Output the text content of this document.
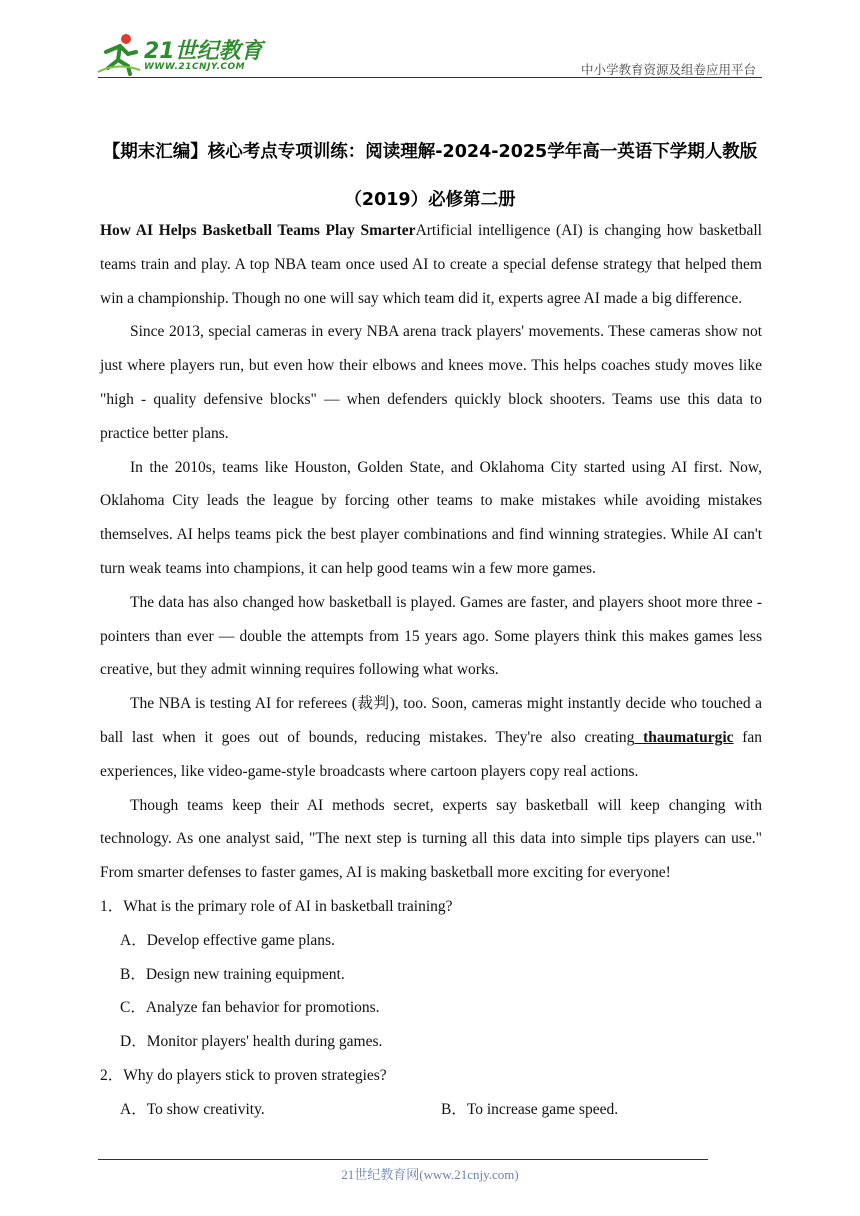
21世纪教育
WWW.21CNJY.COM	中小学教育资源及组卷应用平台
【期末汇编】核心考点专项训练：阅读理解-2024-2025学年高一英语下学期人教版（2019）必修第二册

How AI Helps Basketball Teams Play SmarterArtificial intelligence (AI) is changing how basketball teams train and play. A top NBA team once used AI to create a special defense strategy that helped them win a championship. Though no one will say which team did it, experts agree AI made a big difference.

Since 2013, special cameras in every NBA arena track players' movements. These cameras show not just where players run, but even how their elbows and knees move. This helps coaches study moves like "high - quality defensive blocks" — when defenders quickly block shooters. Teams use this data to practice better plans.

In the 2010s, teams like Houston, Golden State, and Oklahoma City started using AI first. Now, Oklahoma City leads the league by forcing other teams to make mistakes while avoiding mistakes themselves. AI helps teams pick the best player combinations and find winning strategies. While AI can't turn weak teams into champions, it can help good teams win a few more games.

The data has also changed how basketball is played. Games are faster, and players shoot more three - pointers than ever — double the attempts from 15 years ago. Some players think this makes games less creative, but they admit winning requires following what works.

The NBA is testing AI for referees (裁判), too. Soon, cameras might instantly decide who touched a ball last when it goes out of bounds, reducing mistakes. They're also creating thaumaturgic fan experiences, like video-game-style broadcasts where cartoon players copy real actions.

Though teams keep their AI methods secret, experts say basketball will keep changing with technology. As one analyst said, "The next step is turning all this data into simple tips players can use." From smarter defenses to faster games, AI is making basketball more exciting for everyone!

1．What is the primary role of AI in basketball training?

A．Develop effective game plans.

B．Design new training equipment.

C．Analyze fan behavior for promotions.

D．Monitor players' health during games.

2．Why do players stick to proven strategies?

A．To show creativity.	B．To increase game speed.
21世纪教育网(www.21cnjy.com)
